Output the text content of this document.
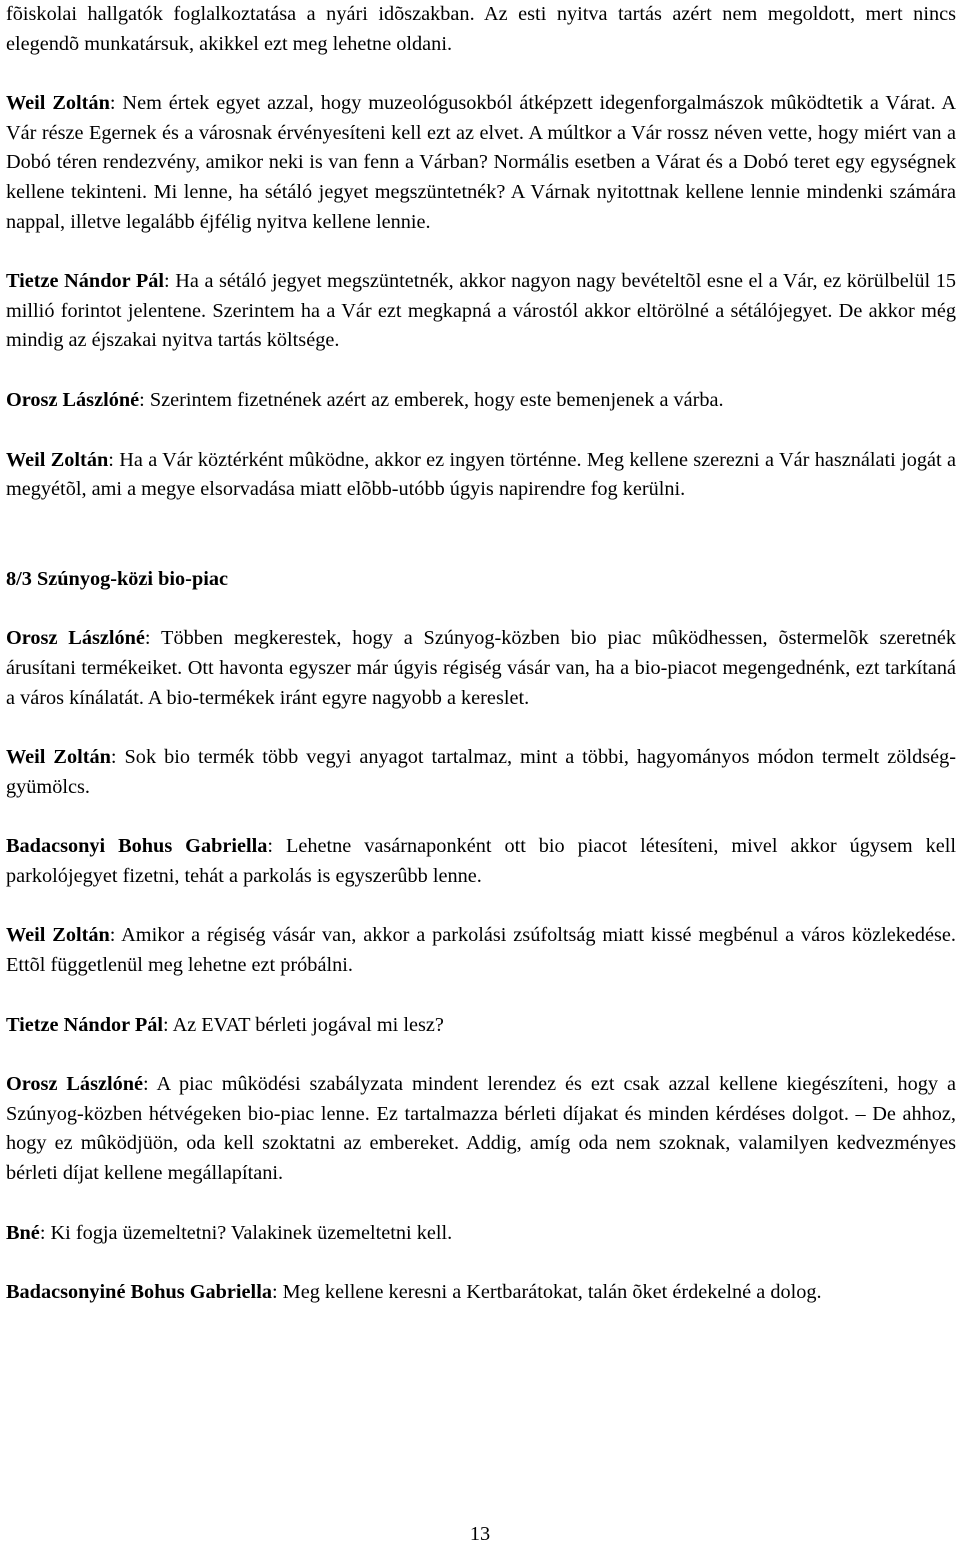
fõiskolai hallgatók foglalkoztatása a nyári idõszakban. Az esti nyitva tartás azért nem megoldott, mert nincs elegendõ munkatársuk, akikkel ezt meg lehetne oldani.

Weil Zoltán: Nem értek egyet azzal, hogy muzeológusokból átképzett idegenforgalmászok mûködtetik a Várat. A Vár része Egernek és a városnak érvényesíteni kell ezt az elvet. A múltkor a Vár rossz néven vette, hogy miért van a Dobó téren rendezvény, amikor neki is van fenn a Várban? Normális esetben a Várat és a Dobó teret egy egységnek kellene tekinteni. Mi lenne, ha sétáló jegyet megszüntetnék? A Várnak nyitottnak kellene lennie mindenki számára nappal, illetve legalább éjfélig nyitva kellene lennie.

Tietze Nándor Pál: Ha a sétáló jegyet megszüntetnék, akkor nagyon nagy bevételtõl esne el a Vár, ez körülbelül 15 millió forintot jelentene. Szerintem ha a Vár ezt megkapná a várostól akkor eltörölné a sétálójegyet. De akkor még mindig az éjszakai nyitva tartás költsége.

Orosz Lászlóné: Szerintem fizetnének azért az emberek, hogy este bemenjenek a várba.

Weil Zoltán: Ha a Vár köztérként mûködne, akkor ez ingyen történne. Meg kellene szerezni a Vár használati jogát a megyétõl, ami a megye elsorvadása miatt elõbb-utóbb úgyis napirendre fog kerülni.

8/3 Szúnyog-közi bio-piac

Orosz Lászlóné: Többen megkerestek, hogy a Szúnyog-közben bio piac mûködhessen, õstermelõk szeretnék árusítani termékeiket. Ott havonta egyszer már úgyis régiség vásár van, ha a bio-piacot megengednénk, ezt tarkítaná a város kínálatát. A bio-termékek iránt egyre nagyobb a kereslet.

Weil Zoltán: Sok bio termék több vegyi anyagot tartalmaz, mint a többi, hagyományos módon termelt zöldség-gyümölcs.

Badacsonyi Bohus Gabriella: Lehetne vasárnaponként ott bio piacot létesíteni, mivel akkor úgysem kell parkolójegyet fizetni, tehát a parkolás is egyszerûbb lenne.

Weil Zoltán: Amikor a régiség vásár van, akkor a parkolási zsúfoltság miatt kissé megbénul a város közlekedése. Ettõl függetlenül meg lehetne ezt próbálni.

Tietze Nándor Pál: Az EVAT bérleti jogával mi lesz?

Orosz Lászlóné: A piac mûködési szabályzata mindent lerendez és ezt csak azzal kellene kiegészíteni, hogy a Szúnyog-közben hétvégeken bio-piac lenne. Ez tartalmazza bérleti díjakat és minden kérdéses dolgot. – De ahhoz, hogy ez mûködjüön, oda kell szoktatni az embereket. Addig, amíg oda nem szoknak, valamilyen kedvezményes bérleti díjat kellene megállapítani.

Bné: Ki fogja üzemeltetni? Valakinek üzemeltetni kell.

Badacsonyiné Bohus Gabriella: Meg kellene keresni a Kertbarátokat, talán õket érdekelné a dolog.

13
